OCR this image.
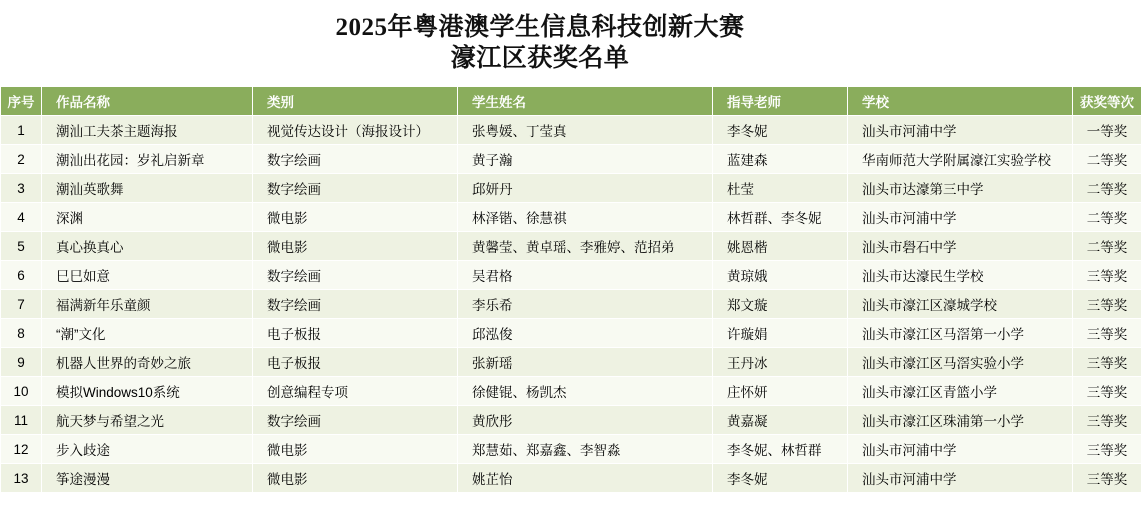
2025年粤港澳学生信息科技创新大赛
濠江区获奖名单
序号	作品名称	类别	学生姓名	指导老师	学校	获奖等次
1	潮汕工夫茶主题海报	视觉传达设计（海报设计）	张粤媛、丁莹真	李冬妮	汕头市河浦中学	一等奖
2	潮汕出花园：岁礼启新章	数字绘画	黄子瀚	蓝建森	华南师范大学附属濠江实验学校	二等奖
3	潮汕英歌舞	数字绘画	邱妍丹	杜莹	汕头市达濠第三中学	二等奖
4	深渊	微电影	林泽锴、徐慧祺	林哲群、李冬妮	汕头市河浦中学	二等奖
5	真心换真心	微电影	黄馨莹、黄卓瑶、李雅婷、范招弟	姚恩楷	汕头市礐石中学	二等奖
6	巳巳如意	数字绘画	吴君格	黄琼娥	汕头市达濠民生学校	三等奖
7	福满新年乐童颜	数字绘画	李乐希	郑文璇	汕头市濠江区濠城学校	三等奖
8	“潮”文化	电子板报	邱泓俊	许璇娟	汕头市濠江区马滘第一小学	三等奖
9	机器人世界的奇妙之旅	电子板报	张新瑶	王丹冰	汕头市濠江区马滘实验小学	三等奖
10	模拟Windows10系统	创意编程专项	徐健锟、杨凯杰	庄怀妍	汕头市濠江区青篮小学	三等奖
11	航天梦与希望之光	数字绘画	黄欣彤	黄嘉凝	汕头市濠江区珠浦第一小学	三等奖
12	步入歧途	微电影	郑慧茹、郑嘉鑫、李智淼	李冬妮、林哲群	汕头市河浦中学	三等奖
13	筝途漫漫	微电影	姚芷怡	李冬妮	汕头市河浦中学	三等奖
